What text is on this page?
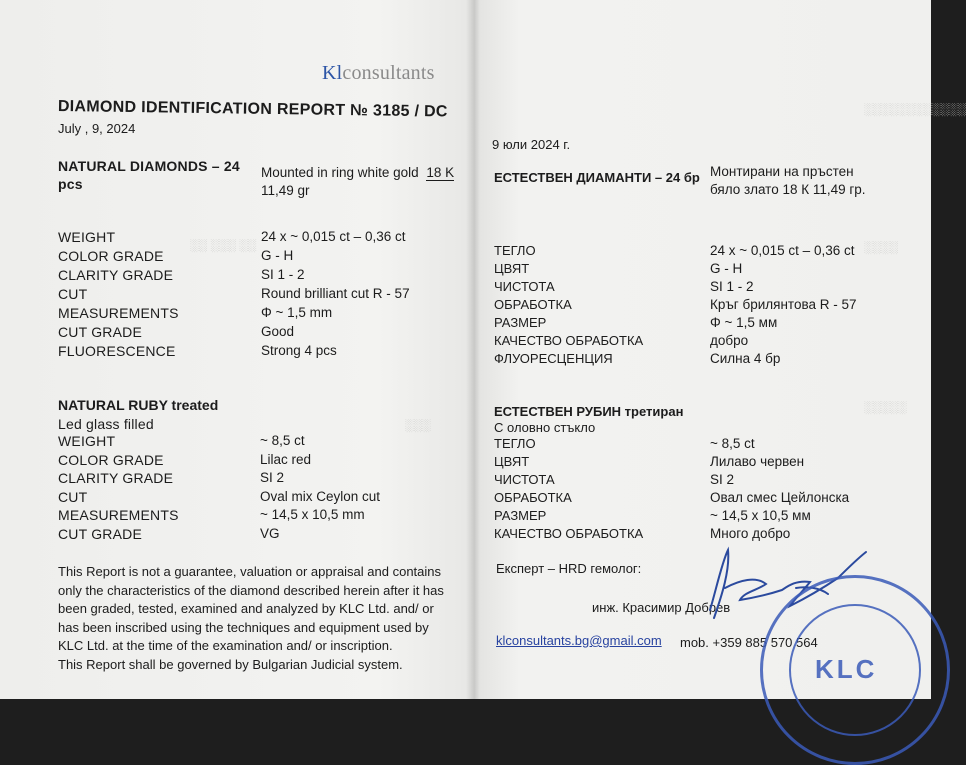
░░ ░░░ ░░
░░░
Klconsultants
DIAMOND IDENTIFICATION REPORT № 3185 / DC
July , 9, 2024
NATURAL DIAMONDS – 24
pcs
Mounted in ring white gold 18 K
11,49 gr
WEIGHT	24 x ~ 0,015 ct – 0,36 ct
COLOR GRADE	G - H
CLARITY GRADE	SI 1 - 2
CUT	Round brilliant cut R - 57
MEASUREMENTS	Φ ~ 1,5 mm
CUT GRADE	Good
FLUORESCENCE	Strong 4 pcs
NATURAL RUBY treated
Led glass filled
WEIGHT	~ 8,5 ct
COLOR GRADE	Lilac red
CLARITY GRADE	SI 2
CUT	Oval mix Ceylon cut
MEASUREMENTS	~ 14,5 x 10,5 mm
CUT GRADE	VG
This Report is not a guarantee, valuation or appraisal and contains
only the characteristics of the diamond described herein after it has
been graded, tested, examined and analyzed by KLC Ltd. and/ or
has been inscribed using the techniques and equipment used by
KLC Ltd. at the time of the examination and/ or inscription.
This Report shall be governed by Bulgarian Judicial system.
░░░░░░░░░░░░
░░░░
░░░░░
9 юли 2024 г.
ЕСТЕСТВЕН ДИАМАНТИ – 24 бр Монтирани на пръстен
бяло злато 18 К 11,49 гр.
ТЕГЛО	24 x ~ 0,015 ct – 0,36 ct
ЦВЯТ	G - H
ЧИСТОТА	SI 1 - 2
ОБРАБОТКА	Кръг брилянтова R - 57
РАЗМЕР	Φ ~ 1,5 мм
КАЧЕСТВО ОБРАБОТКА	добро
ФЛУОРЕСЦЕНЦИЯ	Силна 4 бр
ЕСТЕСТВЕН РУБИН третиран
С оловно стъкло
ТЕГЛО	~ 8,5 ct
ЦВЯТ	Лилаво червен
ЧИСТОТА	SI 2
ОБРАБОТКА	Овал смес Цейлонска
РАЗМЕР	~ 14,5 x 10,5 мм
КАЧЕСТВО ОБРАБОТКА	Много добро
Експерт – HRD гемолог:
инж. Красимир Добрев
klconsultants.bg@gmail.com mob. +359 885 570 564
KLC
